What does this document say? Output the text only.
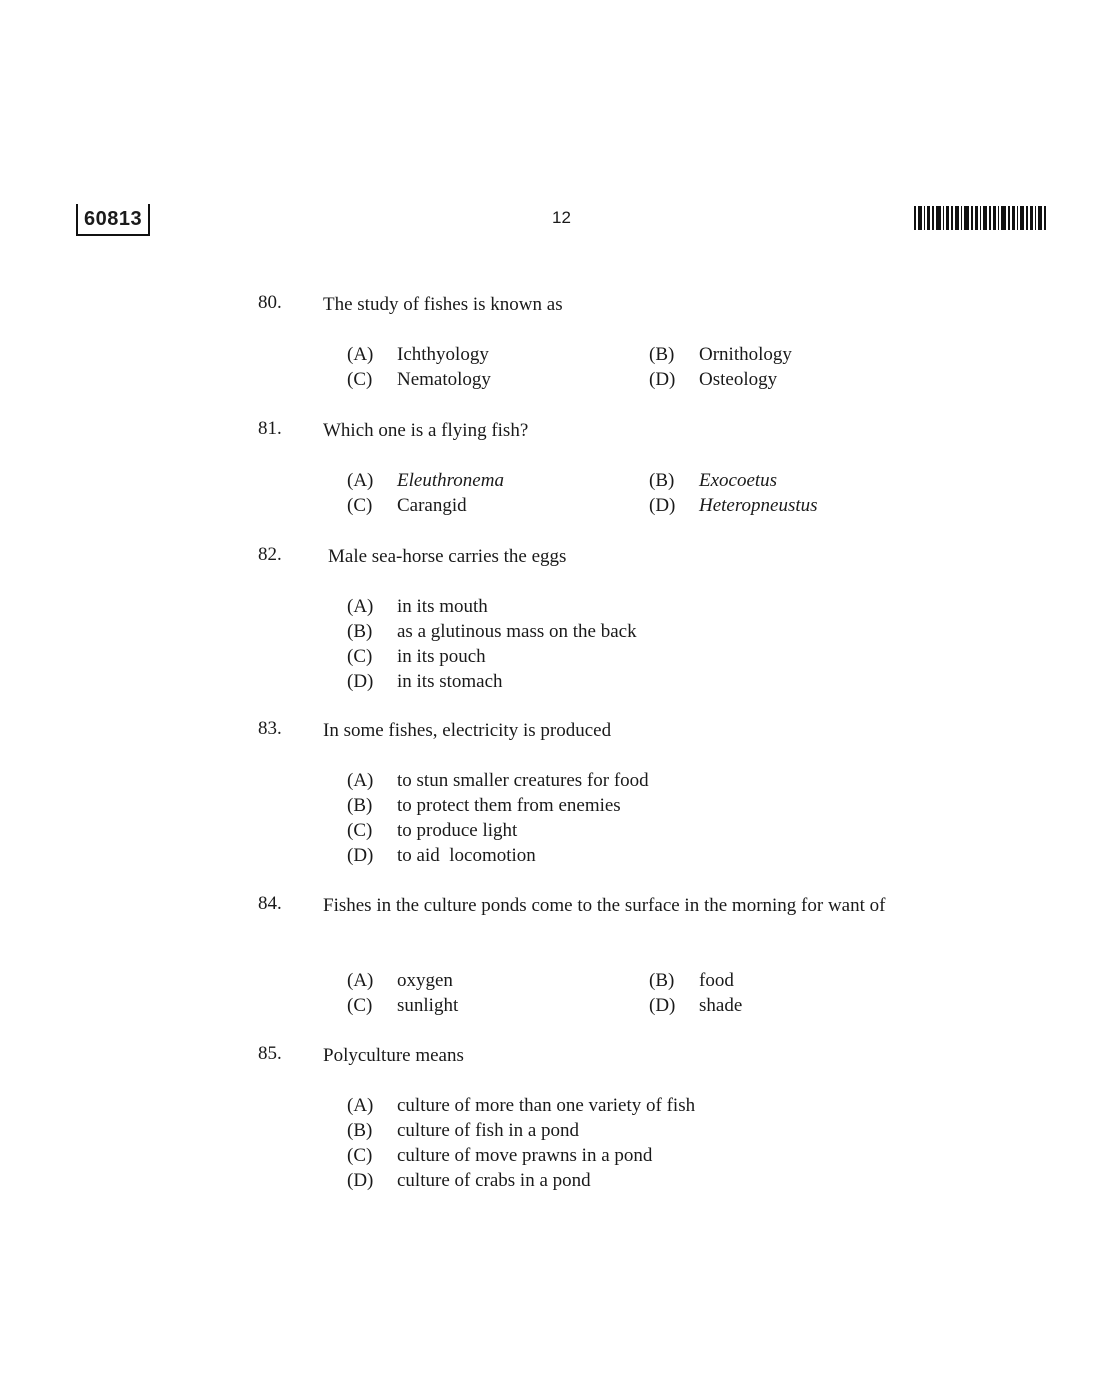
60813	12
80. The study of fishes is known as
(A) Ichthyology	(B) Ornithology
(C) Nematology	(D) Osteology
81. Which one is a flying fish?
(A) Eleuthronema	(B) Exocoetus
(C) Carangid	(D) Heteropneustus
82. Male sea-horse carries the eggs
(A) in its mouth
(B) as a glutinous mass on the back
(C) in its pouch
(D) in its stomach
83. In some fishes, electricity is produced
(A) to stun smaller creatures for food
(B) to protect them from enemies
(C) to produce light
(D) to aid  locomotion
84. Fishes in the culture ponds come to the surface in the morning for want of
(A) oxygen	(B) food
(C) sunlight	(D) shade
85. Polyculture means
(A) culture of more than one variety of fish
(B) culture of fish in a pond
(C) culture of move prawns in a pond
(D) culture of crabs in a pond
